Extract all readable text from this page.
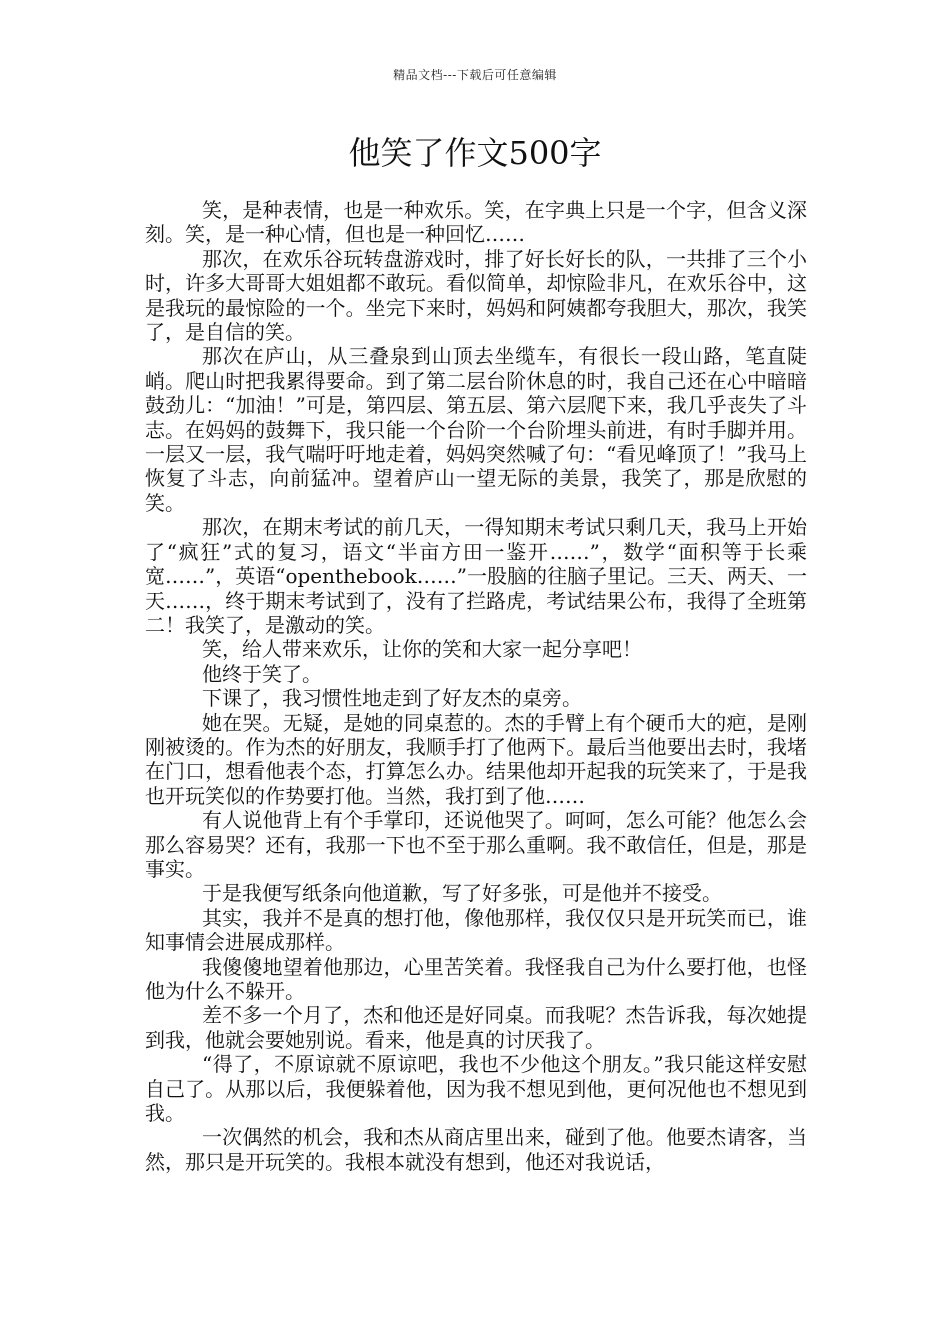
精品文档---下载后可任意编辑
他笑了作文500字

笑，是种表情，也是一种欢乐。笑，在字典上只是一个字，但含义深刻。笑，是一种心情，但也是一种回忆……

那次，在欢乐谷玩转盘游戏时，排了好长好长的队，一共排了三个小时，许多大哥哥大姐姐都不敢玩。看似简单，却惊险非凡，在欢乐谷中，这是我玩的最惊险的一个。坐完下来时，妈妈和阿姨都夸我胆大，那次，我笑了，是自信的笑。

那次在庐山，从三叠泉到山顶去坐缆车，有很长一段山路，笔直陡峭。爬山时把我累得要命。到了第二层台阶休息的时，我自己还在心中暗暗鼓劲儿：“加油！”可是，第四层、第五层、第六层爬下来，我几乎丧失了斗志。在妈妈的鼓舞下，我只能一个台阶一个台阶埋头前进，有时手脚并用。一层又一层，我气喘吁吁地走着，妈妈突然喊了句：“看见峰顶了！”我马上恢复了斗志，向前猛冲。望着庐山一望无际的美景，我笑了，那是欣慰的笑。

那次，在期末考试的前几天，一得知期末考试只剩几天，我马上开始了“疯狂”式的复习，语文“半亩方田一鉴开……”，数学“面积等于长乘宽……”，英语“openthebook……”一股脑的往脑子里记。三天、两天、一天……，终于期末考试到了，没有了拦路虎，考试结果公布，我得了全班第二！我笑了，是激动的笑。

笑，给人带来欢乐，让你的笑和大家一起分享吧！

他终于笑了。

下课了，我习惯性地走到了好友杰的桌旁。

她在哭。无疑，是她的同桌惹的。杰的手臂上有个硬币大的疤，是刚刚被烫的。作为杰的好朋友，我顺手打了他两下。最后当他要出去时，我堵在门口，想看他表个态，打算怎么办。结果他却开起我的玩笑来了，于是我也开玩笑似的作势要打他。当然，我打到了他……

有人说他背上有个手掌印，还说他哭了。呵呵，怎么可能？他怎么会那么容易哭？还有，我那一下也不至于那么重啊。我不敢信任，但是，那是事实。

于是我便写纸条向他道歉，写了好多张，可是他并不接受。

其实，我并不是真的想打他，像他那样，我仅仅只是开玩笑而已，谁知事情会进展成那样。

我傻傻地望着他那边，心里苦笑着。我怪我自己为什么要打他，也怪他为什么不躲开。

差不多一个月了，杰和他还是好同桌。而我呢？杰告诉我，每次她提到我，他就会要她别说。看来，他是真的讨厌我了。

“得了，不原谅就不原谅吧，我也不少他这个朋友。”我只能这样安慰自己了。从那以后，我便躲着他，因为我不想见到他，更何况他也不想见到我。

一次偶然的机会，我和杰从商店里出来，碰到了他。他要杰请客，当然，那只是开玩笑的。我根本就没有想到，他还对我说话，
